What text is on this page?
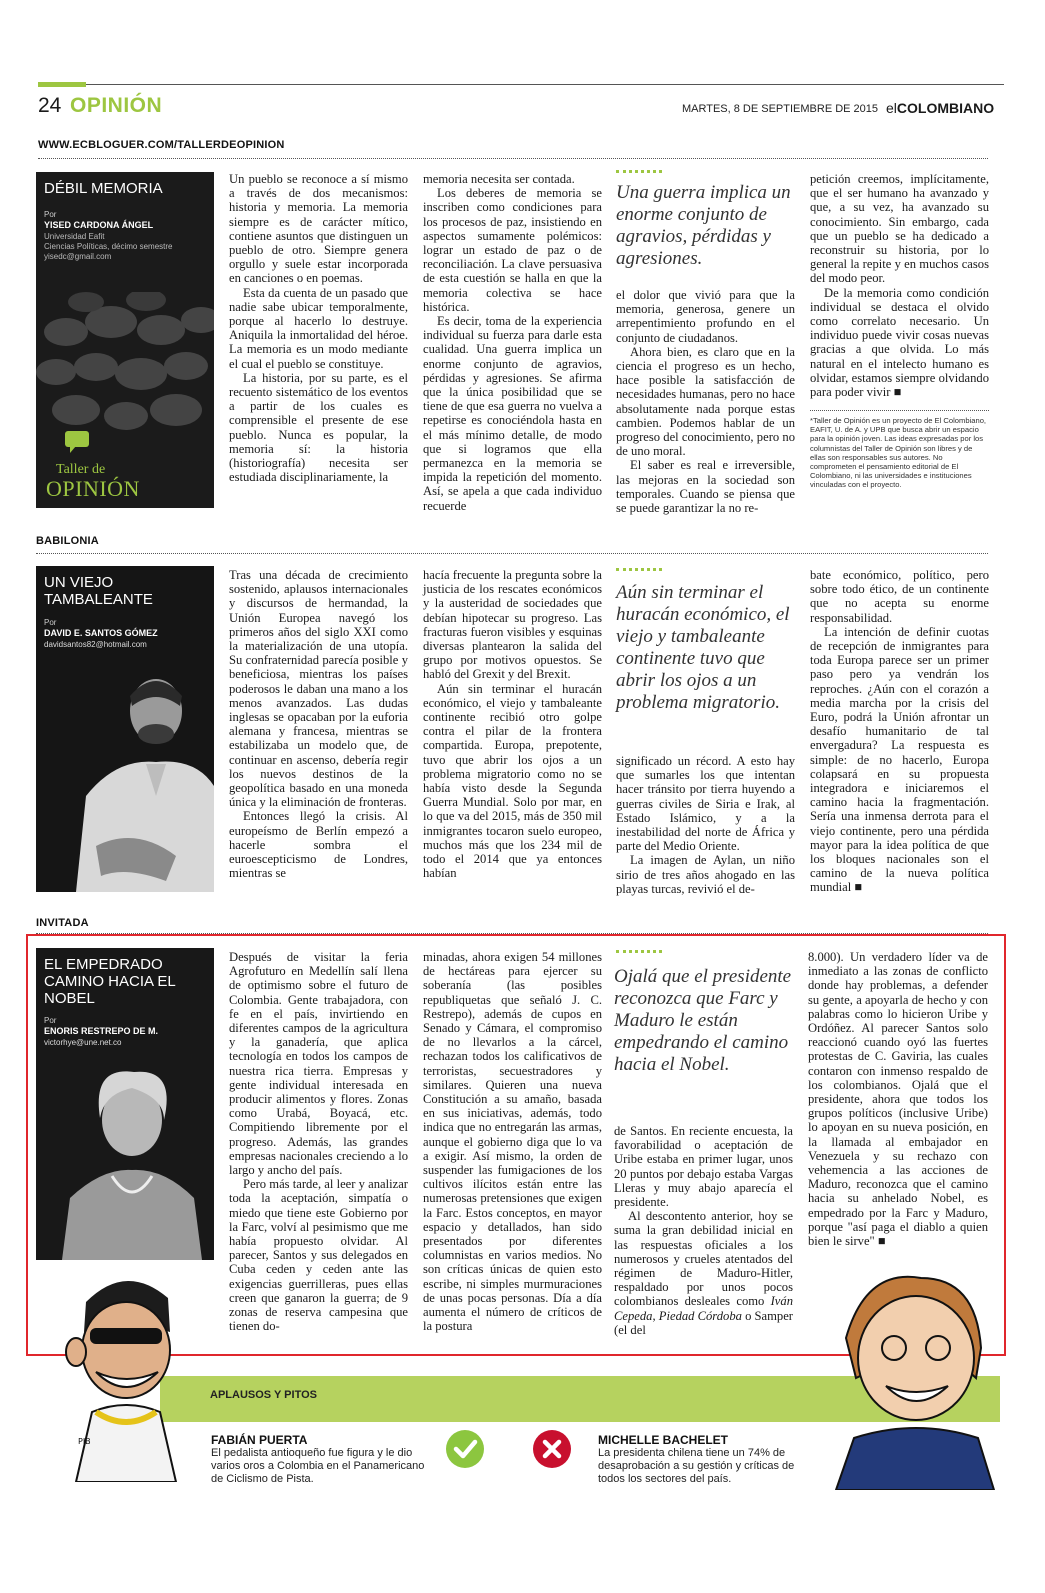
24 OPINIÓN	MARTES, 8 DE SEPTIEMBRE DE 2015 elCOLOMBIANO
WWW.ECBLOGUER.COM/TALLERDEOPINION
DÉBIL MEMORIA
Por
YISED CARDONA ÁNGEL
Universidad Eafit
Ciencias Políticas, décimo semestre
yisedc@gmail.com
Taller de
OPINIÓN

Un pueblo se reconoce a sí mismo a través de dos mecanismos: historia y memoria. La memoria siempre es de carácter mítico, contiene asuntos que distinguen un pueblo de otro. Siempre genera orgullo y suele estar incorporada en canciones o en poemas.

Esta da cuenta de un pasado que nadie sabe ubicar temporalmente, porque al hacerlo lo destruye. Aniquila la inmortalidad del héroe. La memoria es un modo mediante el cual el pueblo se constituye.

La historia, por su parte, es el recuento sistemático de los eventos a partir de los cuales es comprensible el presente de ese pueblo. Nunca es popular, la memoria sí: la historia (historiografía) necesita ser estudiada disciplinariamente, la

memoria necesita ser contada.

Los deberes de memoria se inscriben como condiciones para los procesos de paz, insistiendo en aspectos sumamente polémicos: lograr un estado de paz o de reconciliación. La clave persuasiva de esta cuestión se halla en que la memoria colectiva se hace histórica.

Es decir, toma de la experiencia individual su fuerza para darle esta cualidad. Una guerra implica un enorme conjunto de agravios, pérdidas y agresiones. Se afirma que la única posibilidad que se tiene de que esa guerra no vuelva a repetirse es conociéndola hasta en el más mínimo detalle, de modo que si logramos que ella permanezca en la memoria se impida la repetición del momento. Así, se apela a que cada individuo recuerde

Una guerra implica un enorme conjunto de agravios, pérdidas y agresiones.

el dolor que vivió para que la memoria, generosa, genere un arrepentimiento profundo en el conjunto de ciudadanos.

Ahora bien, es claro que en la ciencia el progreso es un hecho, hace posible la satisfacción de necesidades humanas, pero no hace absolutamente nada porque estas cambien. Podemos hablar de un progreso del conocimiento, pero no de uno moral.

El saber es real e irreversible, las mejoras en la sociedad son temporales. Cuando se piensa que se puede garantizar la no re-

petición creemos, implícitamente, que el ser humano ha avanzado y que, a su vez, ha avanzado su conocimiento. Sin embargo, cada que un pueblo se ha dedicado a reconstruir su historia, por lo general la repite y en muchos casos del modo peor.

De la memoria como condición individual se destaca el olvido como correlato necesario. Un individuo puede vivir cosas nuevas gracias a que olvida. Lo más natural en el intelecto humano es olvidar, estamos siempre olvidando para poder vivir ■

*Taller de Opinión es un proyecto de El Colombiano, EAFIT, U. de A. y UPB que busca abrir un espacio para la opinión joven. Las ideas expresadas por los columnistas del Taller de Opinión son libres y de ellas son responsables sus autores. No comprometen el pensamiento editorial de El Colombiano, ni las universidades e instituciones vinculadas con el proyecto.
BABILONIA
UN VIEJO TAMBALEANTE
Por
DAVID E. SANTOS GÓMEZ
davidsantos82@hotmail.com

Tras una década de crecimiento sostenido, aplausos internacionales y discursos de hermandad, la Unión Europea navegó los primeros años del siglo XXI como la materialización de una utopía. Su confraternidad parecía posible y beneficiosa, mientras los países poderosos le daban una mano a los menos avanzados. Las dudas inglesas se opacaban por la euforia alemana y francesa, mientras se estabilizaba un modelo que, de continuar en ascenso, debería regir los nuevos destinos de la geopolítica basado en una moneda única y la eliminación de fronteras.

Entonces llegó la crisis. Al europeísmo de Berlín empezó a hacerle sombra el euroescepticismo de Londres, mientras se

hacía frecuente la pregunta sobre la justicia de los rescates económicos y la austeridad de sociedades que debían hipotecar su progreso. Las fracturas fueron visibles y esquinas diversas plantearon la salida del grupo por motivos opuestos. Se habló del Grexit y del Brexit.

Aún sin terminar el huracán económico, el viejo y tambaleante continente recibió otro golpe contra el pilar de la frontera compartida. Europa, prepotente, tuvo que abrir los ojos a un problema migratorio como no se había visto desde la Segunda Guerra Mundial. Solo por mar, en lo que va del 2015, más de 350 mil inmigrantes tocaron suelo europeo, muchos más que los 234 mil de todo el 2014 que ya entonces habían

Aún sin terminar el huracán económico, el viejo y tambaleante continente tuvo que abrir los ojos a un problema migratorio.

significado un récord. A esto hay que sumarles los que intentan hacer tránsito por tierra huyendo a guerras civiles de Siria e Irak, al Estado Islámico, y a la inestabilidad del norte de África y parte del Medio Oriente.

La imagen de Aylan, un niño sirio de tres años ahogado en las playas turcas, revivió el de-

bate económico, político, pero sobre todo ético, de un continente que no acepta su enorme responsabilidad.

La intención de definir cuotas de recepción de inmigrantes para toda Europa parece ser un primer paso pero ya vendrán los reproches. ¿Aún con el corazón a media marcha por la crisis del Euro, podrá la Unión afrontar un desafío humanitario de tal envergadura? La respuesta es simple: de no hacerlo, Europa colapsará en su propuesta integradora e iniciaremos el camino hacia la fragmentación. Sería una inmensa derrota para el viejo continente, pero una pérdida mayor para la idea política de que los bloques nacionales son el camino de la nueva política mundial ■

INVITADA
EL EMPEDRADO CAMINO HACIA EL NOBEL
Por
ENORIS RESTREPO DE M.
victorhye@une.net.co

Después de visitar la feria Agrofuturo en Medellín salí llena de optimismo sobre el futuro de Colombia. Gente trabajadora, con fe en el país, invirtiendo en diferentes campos de la agricultura y la ganadería, que aplica tecnología en todos los campos de nuestra rica tierra. Empresas y gente individual interesada en producir alimentos y flores. Zonas como Urabá, Boyacá, etc. Compitiendo libremente por el progreso. Además, las grandes empresas nacionales creciendo a lo largo y ancho del país.

Pero más tarde, al leer y analizar toda la aceptación, simpatía o miedo que tiene este Gobierno por la Farc, volví al pesimismo que me había propuesto olvidar. Al parecer, Santos y sus delegados en Cuba ceden y ceden ante las exigencias guerrilleras, pues ellas creen que ganaron la guerra; de 9 zonas de reserva campesina que tienen do-

minadas, ahora exigen 54 millones de hectáreas para ejercer su soberanía (las posibles republiquetas que señaló J. C. Restrepo), además de cupos en Senado y Cámara, el compromiso de no llevarlos a la cárcel, rechazan todos los calificativos de terroristas, secuestradores y similares. Quieren una nueva Constitución a su amaño, basada en sus iniciativas, además, todo indica que no entregarán las armas, aunque el gobierno diga que lo va a exigir. Así mismo, la orden de suspender las fumigaciones de los cultivos ilícitos están entre las numerosas pretensiones que exigen la Farc. Estos conceptos, en mayor espacio y detallados, han sido presentados por diferentes columnistas en varios medios. No son críticas únicas de quien esto escribe, ni simples murmuraciones de unas pocas personas. Día a día aumenta el número de críticos de la postura

Ojalá que el presidente reconozca que Farc y Maduro le están empedrando el camino hacia el Nobel.

de Santos. En reciente encuesta, la favorabilidad o aceptación de Uribe estaba en primer lugar, unos 20 puntos por debajo estaba Vargas Lleras y muy abajo aparecía el presidente.

Al descontento anterior, hoy se suma la gran debilidad inicial en las respuestas oficiales a los numerosos y crueles atentados del régimen de Maduro-Hitler, respaldado por unos pocos colombianos desleales como Iván Cepeda, Piedad Córdoba o Samper (el del

8.000). Un verdadero líder va de inmediato a las zonas de conflicto donde hay problemas, a defender su gente, a apoyarla de hecho y con palabras como lo hicieron Uribe y Ordóñez. Al parecer Santos solo reaccionó cuando oyó las fuertes protestas de C. Gaviria, las cuales contaron con inmenso respaldo de los colombianos. Ojalá que el presidente, ahora que todos los grupos políticos (inclusive Uribe) lo apoyan en su nueva posición, en la llamada al embajador en Venezuela y su rechazo con vehemencia a las acciones de Maduro, reconozca que el camino hacia su anhelado Nobel, es empedrado por la Farc y Maduro, porque "así paga el diablo a quien bien le sirve" ■

APLAUSOS Y PITOS
PIB	FABIÁN PUERTA
El pedalista antioqueño fue figura y le dio varios oros a Colombia en el Panamericano de Ciclismo de Pista.
MICHELLE BACHELET
La presidenta chilena tiene un 74% de desaprobación a su gestión y críticas de todos los sectores del país.
